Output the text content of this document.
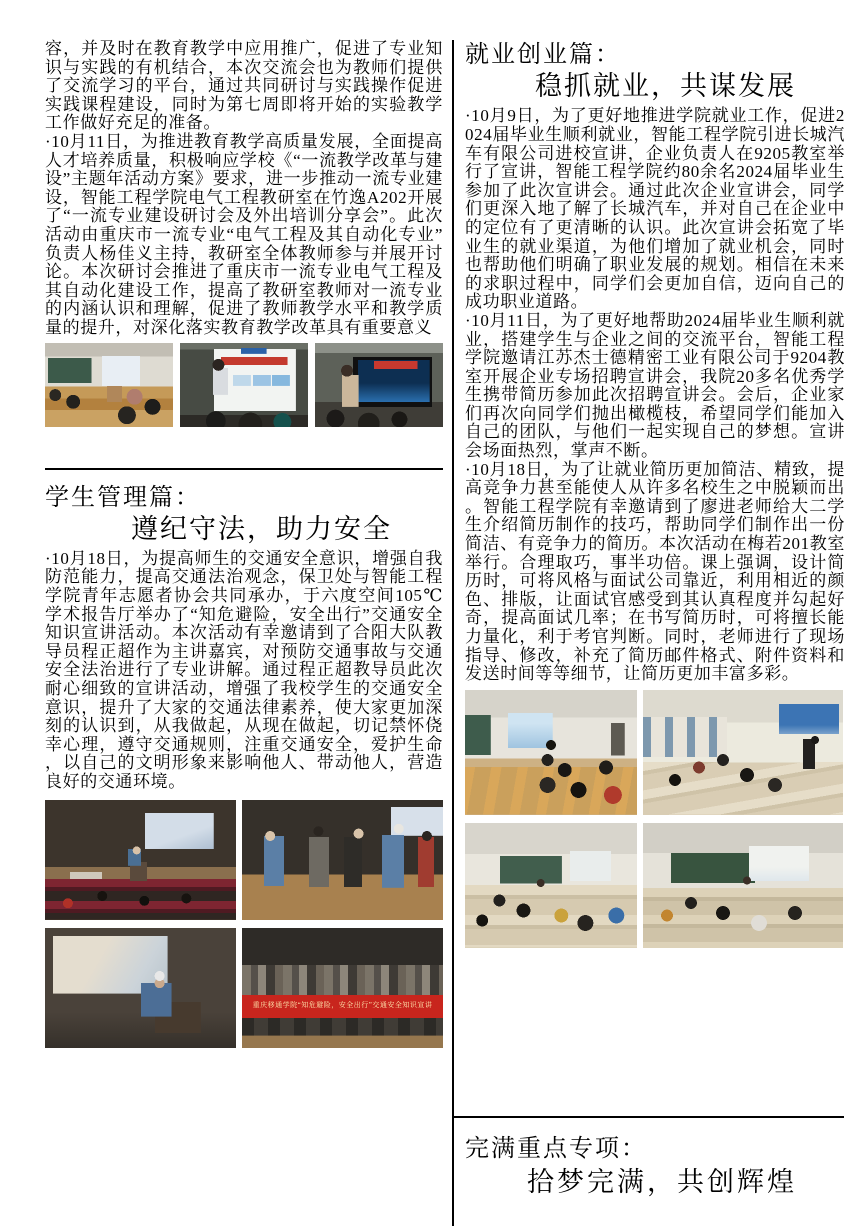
容，并及时在教育教学中应用推广，促进了专业知识与实践的有机结合，本次交流会也为教师们提供了交流学习的平台，通过共同研讨与实践操作促进实践课程建设，同时为第七周即将开始的实验教学工作做好充足的准备。

·10月11日，为推进教育教学高质量发展，全面提高人才培养质量，积极响应学校《“一流教学改革与建设”主题年活动方案》要求，进一步推动一流专业建设，智能工程学院电气工程教研室在竹逸A202开展了“一流专业建设研讨会及外出培训分享会”。此次活动由重庆市一流专业“电气工程及其自动化专业”负责人杨佳义主持，教研室全体教师参与并展开讨论。本次研讨会推进了重庆市一流专业电气工程及其自动化建设工作，提高了教研室教师对一流专业的内涵认识和理解，促进了教师教学水平和教学质量的提升，对深化落实教育教学改革具有重要意义

学生管理篇：
遵纪守法，助力安全

·10月18日，为提高师生的交通安全意识，增强自我防范能力，提高交通法治观念，保卫处与智能工程学院青年志愿者协会共同承办，于六度空间105℃学术报告厅举办了“知危避险，安全出行”交通安全知识宣讲活动。本次活动有幸邀请到了合阳大队教导员程正超作为主讲嘉宾，对预防交通事故与交通安全法治进行了专业讲解。通过程正超教导员此次耐心细致的宣讲活动，增强了我校学生的交通安全意识，提升了大家的交通法律素养，使大家更加深刻的认识到，从我做起，从现在做起，切记禁怀侥幸心理，遵守交通规则，注重交通安全，爱护生命，以自己的文明形象来影响他人、带动他人，营造良好的交通环境。

重庆移通学院“知危避险，安全出行”交通安全知识宣讲
就业创业篇：
稳抓就业，共谋发展

·10月9日，为了更好地推进学院就业工作，促进2024届毕业生顺利就业，智能工程学院引进长城汽车有限公司进校宣讲，企业负责人在9205教室举行了宣讲，智能工程学院约80余名2024届毕业生参加了此次宣讲会。通过此次企业宣讲会，同学们更深入地了解了长城汽车，并对自己在企业中的定位有了更清晰的认识。此次宣讲会拓宽了毕业生的就业渠道，为他们增加了就业机会，同时也帮助他们明确了职业发展的规划。相信在未来的求职过程中，同学们会更加自信，迈向自己的成功职业道路。

·10月11日，为了更好地帮助2024届毕业生顺利就业，搭建学生与企业之间的交流平台，智能工程学院邀请江苏杰士德精密工业有限公司于9204教室开展企业专场招聘宣讲会，我院20多名优秀学生携带简历参加此次招聘宣讲会。会后，企业家们再次向同学们抛出橄榄枝，希望同学们能加入自己的团队，与他们一起实现自己的梦想。宣讲会场面热烈，掌声不断。

·10月18日，为了让就业简历更加简洁、精致，提高竞争力甚至能使人从许多名校生之中脱颖而出。智能工程学院有幸邀请到了廖进老师给大二学生介绍简历制作的技巧，帮助同学们制作出一份简洁、有竞争力的简历。本次活动在梅若201教室举行。合理取巧，事半功倍。课上强调，设计简历时，可将风格与面试公司靠近，利用相近的颜色、排版，让面试官感受到其认真程度并勾起好奇，提高面试几率；在书写简历时，可将擅长能力量化，利于考官判断。同时，老师进行了现场指导、修改，补充了简历邮件格式、附件资料和发送时间等等细节，让简历更加丰富多彩。

完满重点专项：
拾梦完满，共创辉煌
